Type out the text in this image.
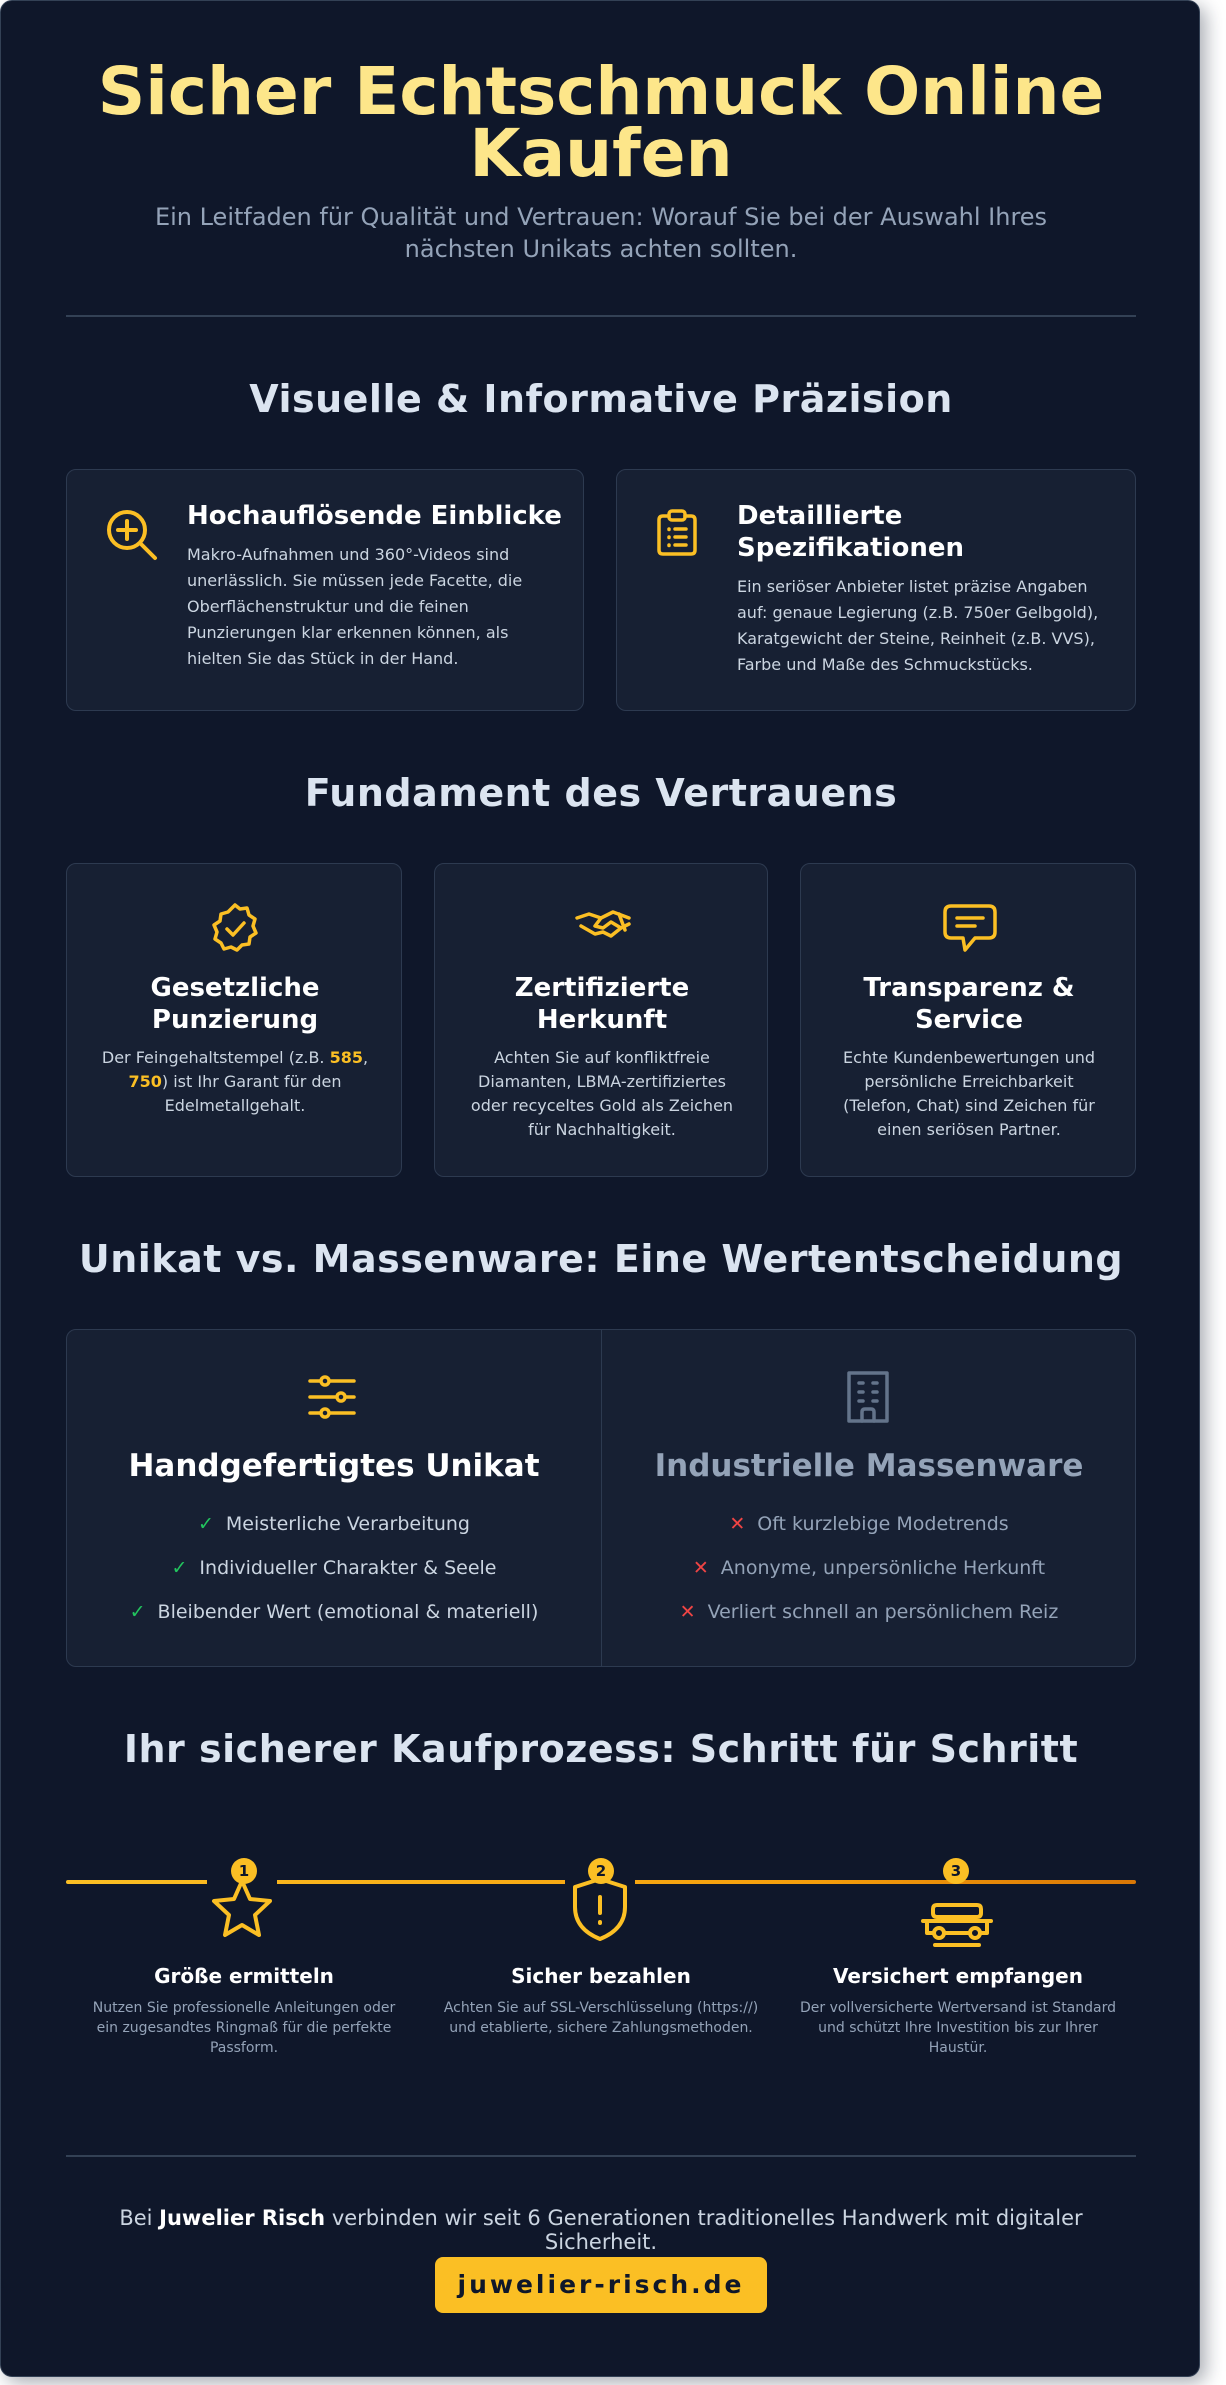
Sicher Echtschmuck Online Kaufen
Ein Leitfaden für Qualität und Vertrauen: Worauf Sie bei der Auswahl Ihres nächsten Unikats achten sollten.
Visuelle & Informative Präzision
Hochauflösende Einblicke
Makro-Aufnahmen und 360°-Videos sind unerlässlich. Sie müssen jede Facette, die Oberflächenstruktur und die feinen Punzierungen klar erkennen können, als hielten Sie das Stück in der Hand.
Detaillierte Spezifikationen
Ein seriöser Anbieter listet präzise Angaben auf: genaue Legierung (z.B. 750er Gelbgold), Karatgewicht der Steine, Reinheit (z.B. VVS), Farbe und Maße des Schmuckstücks.
Fundament des Vertrauens
Gesetzliche Punzierung
Der Feingehaltstempel (z.B. 585, 750) ist Ihr Garant für den Edelmetallgehalt.
Zertifizierte Herkunft
Achten Sie auf konfliktfreie Diamanten, LBMA-zertifiziertes oder recyceltes Gold als Zeichen für Nachhaltigkeit.
Transparenz & Service
Echte Kundenbewertungen und persönliche Erreichbarkeit (Telefon, Chat) sind Zeichen für einen seriösen Partner.
Unikat vs. Massenware: Eine Wertentscheidung
Handgefertigtes Unikat
✓ Meisterliche Verarbeitung
✓ Individueller Charakter & Seele
✓ Bleibender Wert (emotional & materiell)
Industrielle Massenware
✕ Oft kurzlebige Modetrends
✕ Anonyme, unpersönliche Herkunft
✕ Verliert schnell an persönlichem Reiz
Ihr sicherer Kaufprozess: Schritt für Schritt
1
Größe ermitteln
Nutzen Sie professionelle Anleitungen oder ein zugesandtes Ringmaß für die perfekte Passform.
2
Sicher bezahlen
Achten Sie auf SSL-Verschlüsselung (https://) und etablierte, sichere Zahlungsmethoden.
3
Versichert empfangen
Der vollversicherte Wertversand ist Standard und schützt Ihre Investition bis zur Ihrer Haustür.
Bei Juwelier Risch verbinden wir seit 6 Generationen traditionelles Handwerk mit digitaler Sicherheit.
juwelier-risch.de
